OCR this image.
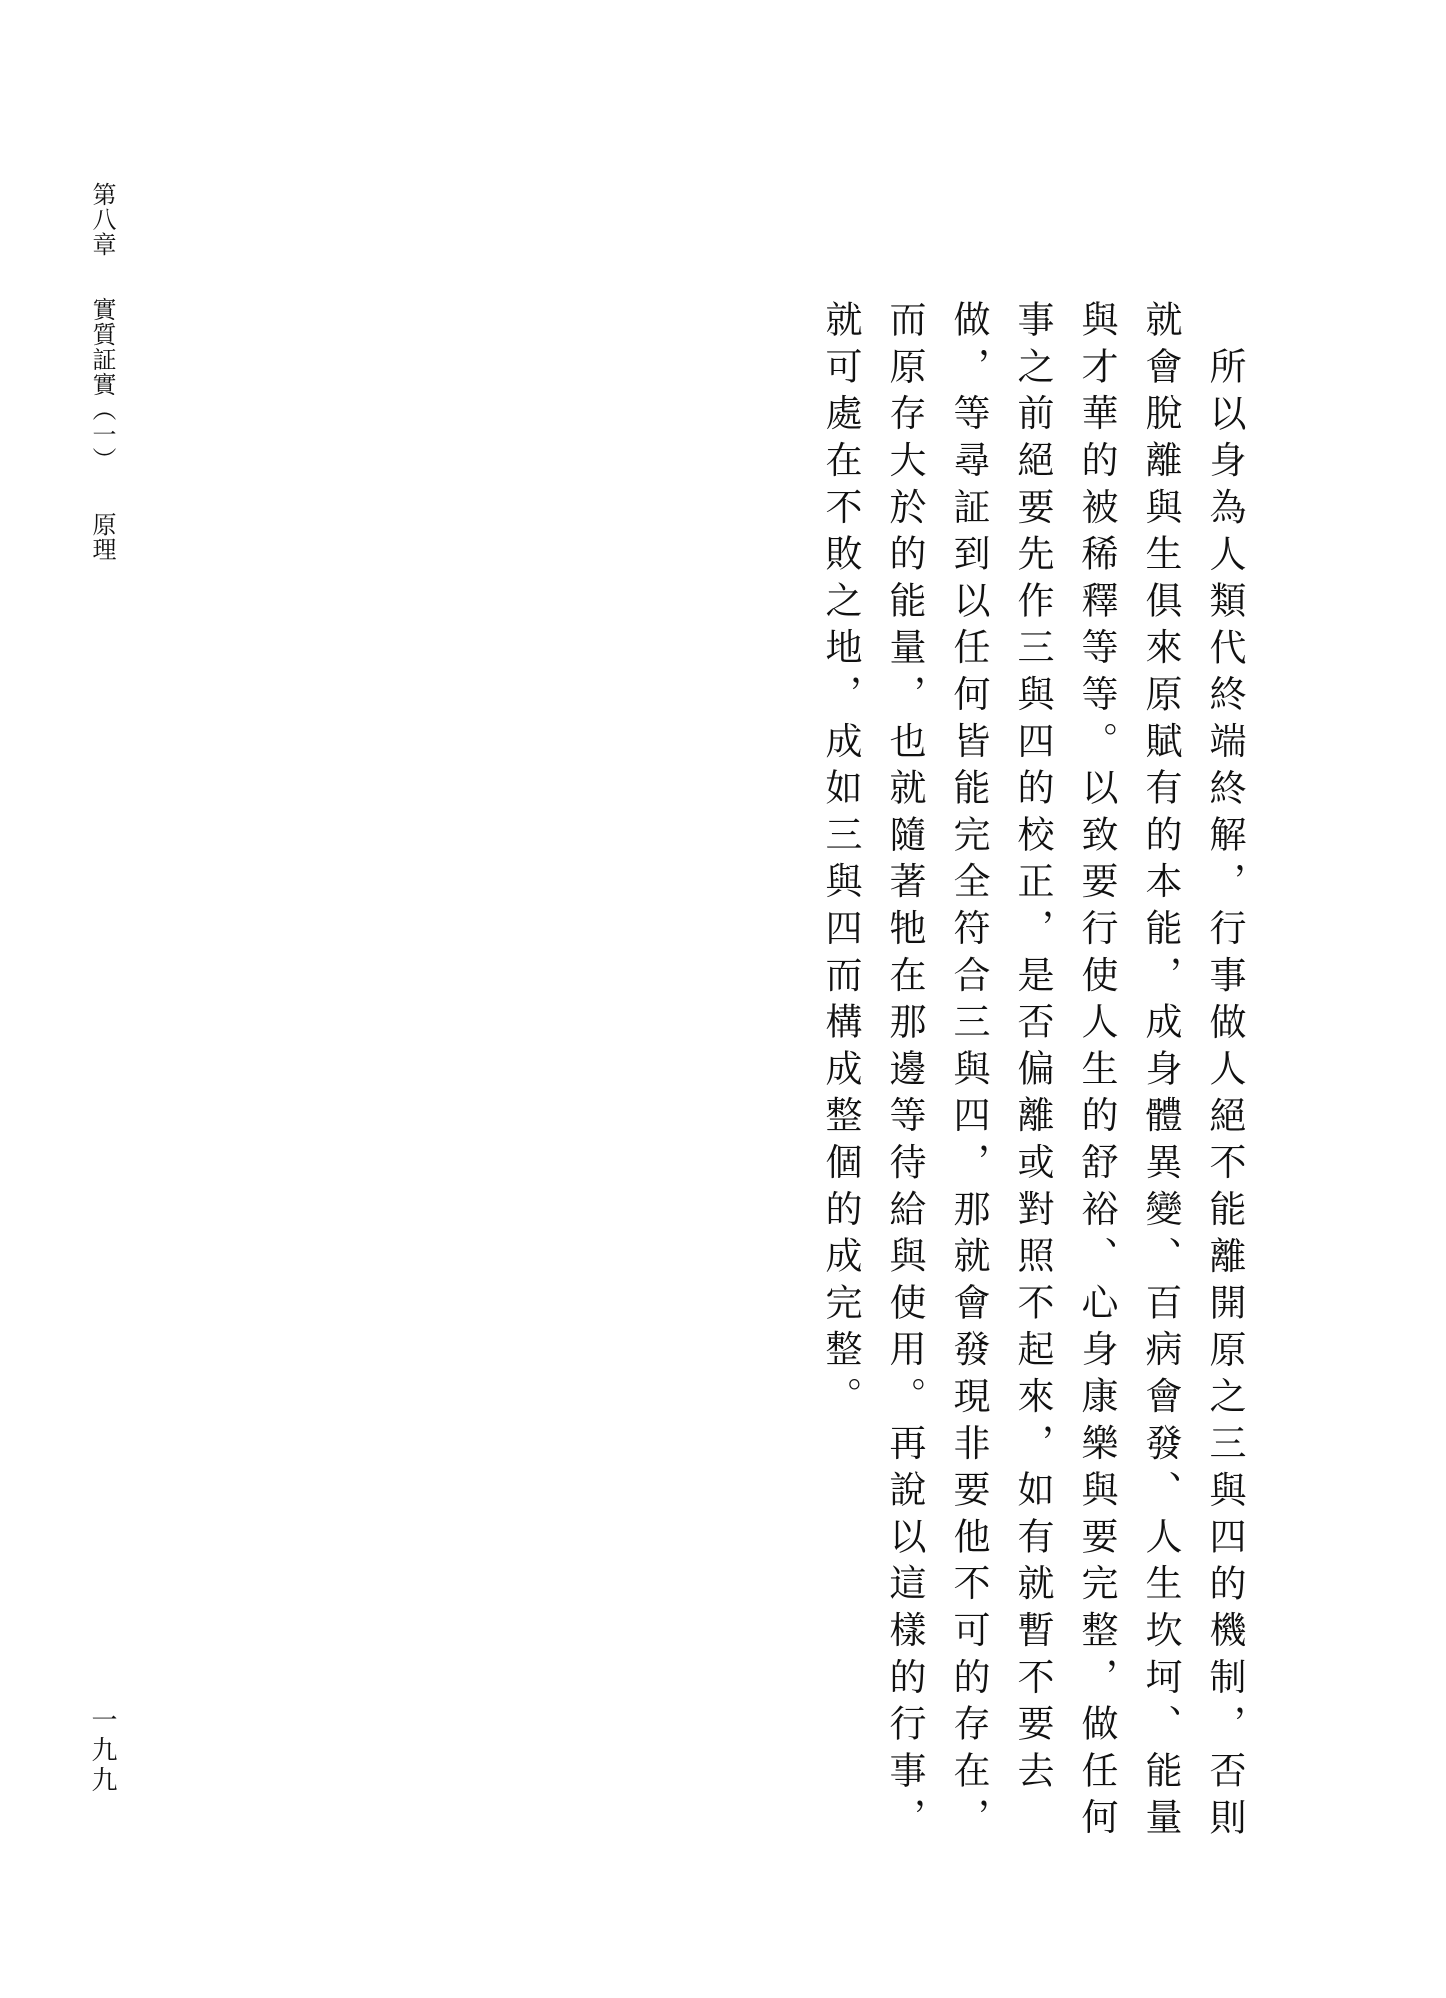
第八章實質証實（一）原理
一九九	所以身為人類代終端終解，行事做人絕不能離開原之三與四的機制，否則就會脫離與生俱來原賦有的本能，成身體異變、百病會發、人生坎坷、能量與才華的被稀釋等等。以致要行使人生的舒裕、心身康樂與要完整，做任何事之前絕要先作三與四的校正，是否偏離或對照不起來，如有就暫不要去做，等尋証到以任何皆能完全符合三與四，那就會發現非要他不可的存在，而原存大於的能量，也就隨著牠在那邊等待給與使用。再說以這樣的行事，就可處在不敗之地，成如三與四而構成整個的成完整。
